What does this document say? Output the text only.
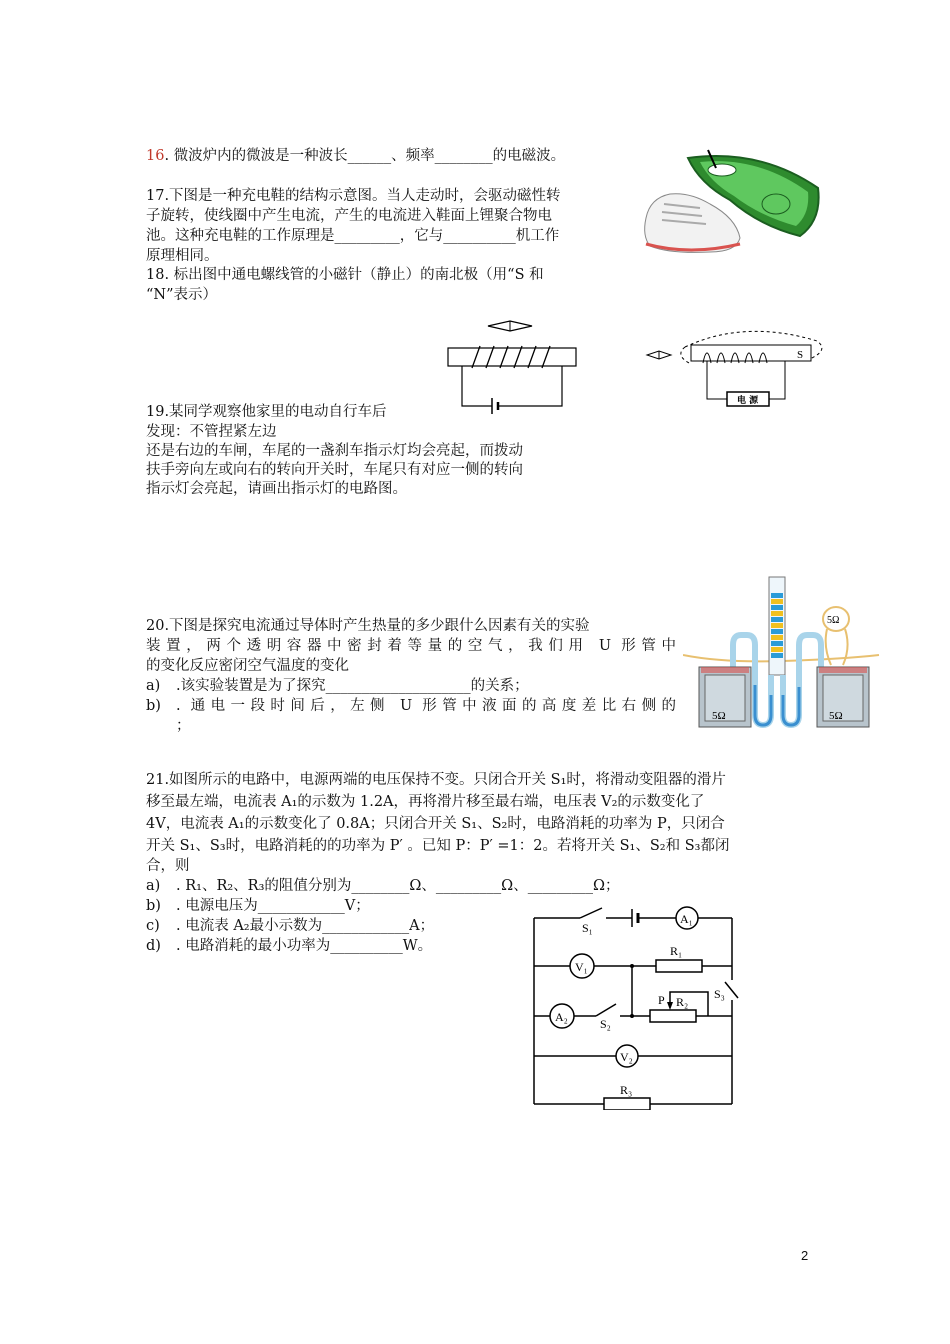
16. 微波炉内的微波是一种波长______、频率________的电磁波。
17.下图是一种充电鞋的结构示意图。当人走动时，会驱动磁性转
子旋转，使线圈中产生电流，产生的电流进入鞋面上锂聚合物电
池。这种充电鞋的工作原理是_________，它与__________机工作
原理相同。
18. 标出图中通电螺线管的小磁针（静止）的南北极（用“S 和
“N”表示）
S
电 源
19.某同学观察他家里的电动自行车后
发现：不管捏紧左边
还是右边的车闸，车尾的一盏刹车指示灯均会亮起，而拨动
扶手旁向左或向右的转向开关时，车尾只有对应一侧的转向
指示灯会亮起，请画出指示灯的电路图。
20.下图是探究电流通过导体时产生热量的多少跟什么因素有关的实验
装置，两个透明容器中密封着等量的空气，我们用 U 形管中
的变化反应密闭空气温度的变化
a) .该实验装置是为了探究____________________的关系；
b) . 通电一段时间后，左侧 U 形管中液面的高度差比右侧的
；
5Ω	5Ω
5Ω
21.如图所示的电路中，电源两端的电压保持不变。只闭合开关 S₁时，将滑动变阻器的滑片
移至最左端，电流表 A₁的示数为 1.2A，再将滑片移至最右端，电压表 V₂的示数变化了
4V，电流表 A₁的示数变化了 0.8A；只闭合开关 S₁、S₂时，电路消耗的功率为 P，只闭合
开关 S₁、S₃时，电路消耗的的功率为 P′ 。已知 P：P′ =1：2。若将开关 S₁、S₂和 S₃都闭
合，则
a) . R₁、R₂、R₃的阻值分别为________Ω、_________Ω、_________Ω；
b) . 电源电压为____________V；
c) . 电流表 A₂最小示数为____________A；
d) . 电路消耗的最小功率为__________W。
A₁
V₁
A₂
V₂
R₁
R₂
P
R₃
S₁
S₂
S₃
2
